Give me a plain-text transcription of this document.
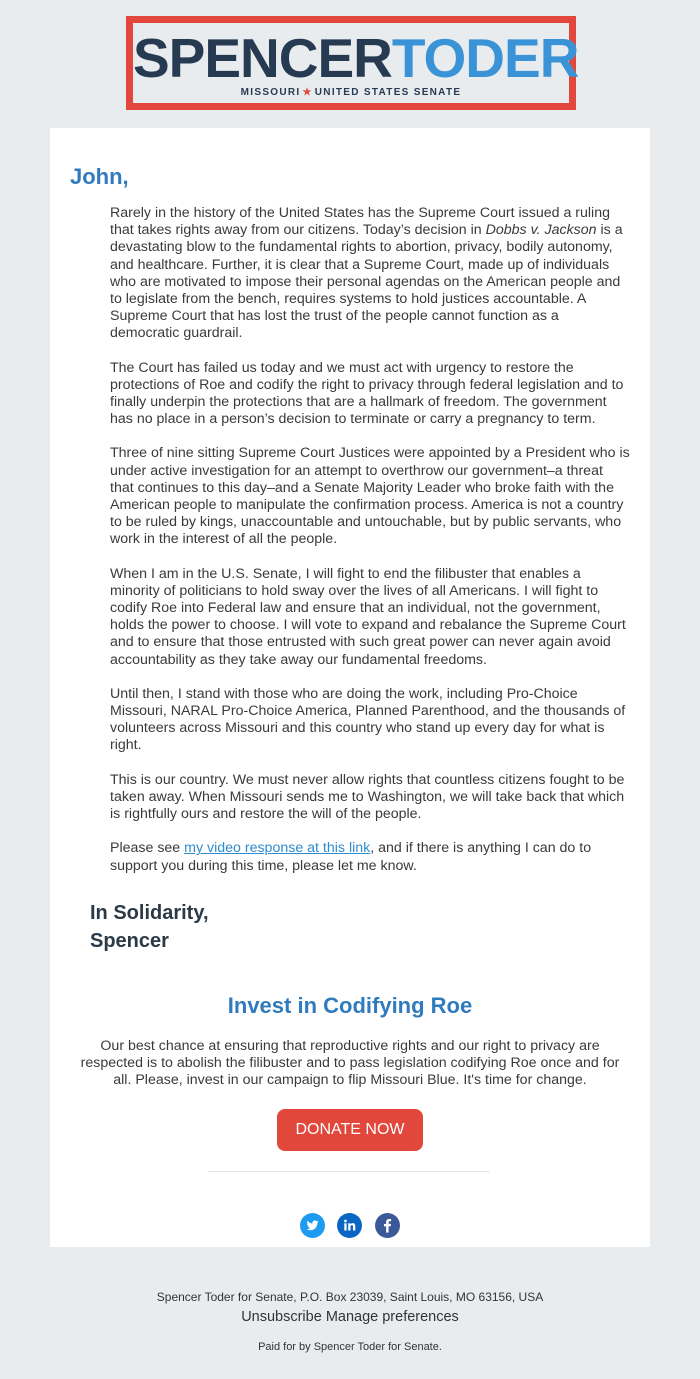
SPENCERTODER
MISSOURI ★ UNITED STATES SENATE
John,

Rarely in the history of the United States has the Supreme Court issued a ruling that takes rights away from our citizens. Today’s decision in Dobbs v. Jackson is a devastating blow to the fundamental rights to abortion, privacy, bodily autonomy, and healthcare. Further, it is clear that a Supreme Court, made up of individuals who are motivated to impose their personal agendas on the American people and to legislate from the bench, requires systems to hold justices accountable. A Supreme Court that has lost the trust of the people cannot function as a democratic guardrail.

The Court has failed us today and we must act with urgency to restore the protections of Roe and codify the right to privacy through federal legislation and to finally underpin the protections that are a hallmark of freedom. The government has no place in a person’s decision to terminate or carry a pregnancy to term.

Three of nine sitting Supreme Court Justices were appointed by a President who is under active investigation for an attempt to overthrow our government–a threat that continues to this day–and a Senate Majority Leader who broke faith with the American people to manipulate the confirmation process. America is not a country to be ruled by kings, unaccountable and untouchable, but by public servants, who work in the interest of all the people.

When I am in the U.S. Senate, I will fight to end the filibuster that enables a minority of politicians to hold sway over the lives of all Americans. I will fight to codify Roe into Federal law and ensure that an individual, not the government, holds the power to choose. I will vote to expand and rebalance the Supreme Court and to ensure that those entrusted with such great power can never again avoid accountability as they take away our fundamental freedoms.

Until then, I stand with those who are doing the work, including Pro-Choice Missouri, NARAL Pro-Choice America, Planned Parenthood, and the thousands of volunteers across Missouri and this country who stand up every day for what is right.

This is our country. We must never allow rights that countless citizens fought to be taken away. When Missouri sends me to Washington, we will take back that which is rightfully ours and restore the will of the people.

Please see my video response at this link, and if there is anything I can do to support you during this time, please let me know.

In Solidarity,
Spencer
Invest in Codifying Roe
Our best chance at ensuring that reproductive rights and our right to privacy are respected is to abolish the filibuster and to pass legislation codifying Roe once and for all. Please, invest in our campaign to flip Missouri Blue. It's time for change.
DONATE NOW
Spencer Toder for Senate, P.O. Box 23039, Saint Louis, MO 63156, USA
Unsubscribe Manage preferences
Paid for by Spencer Toder for Senate.
